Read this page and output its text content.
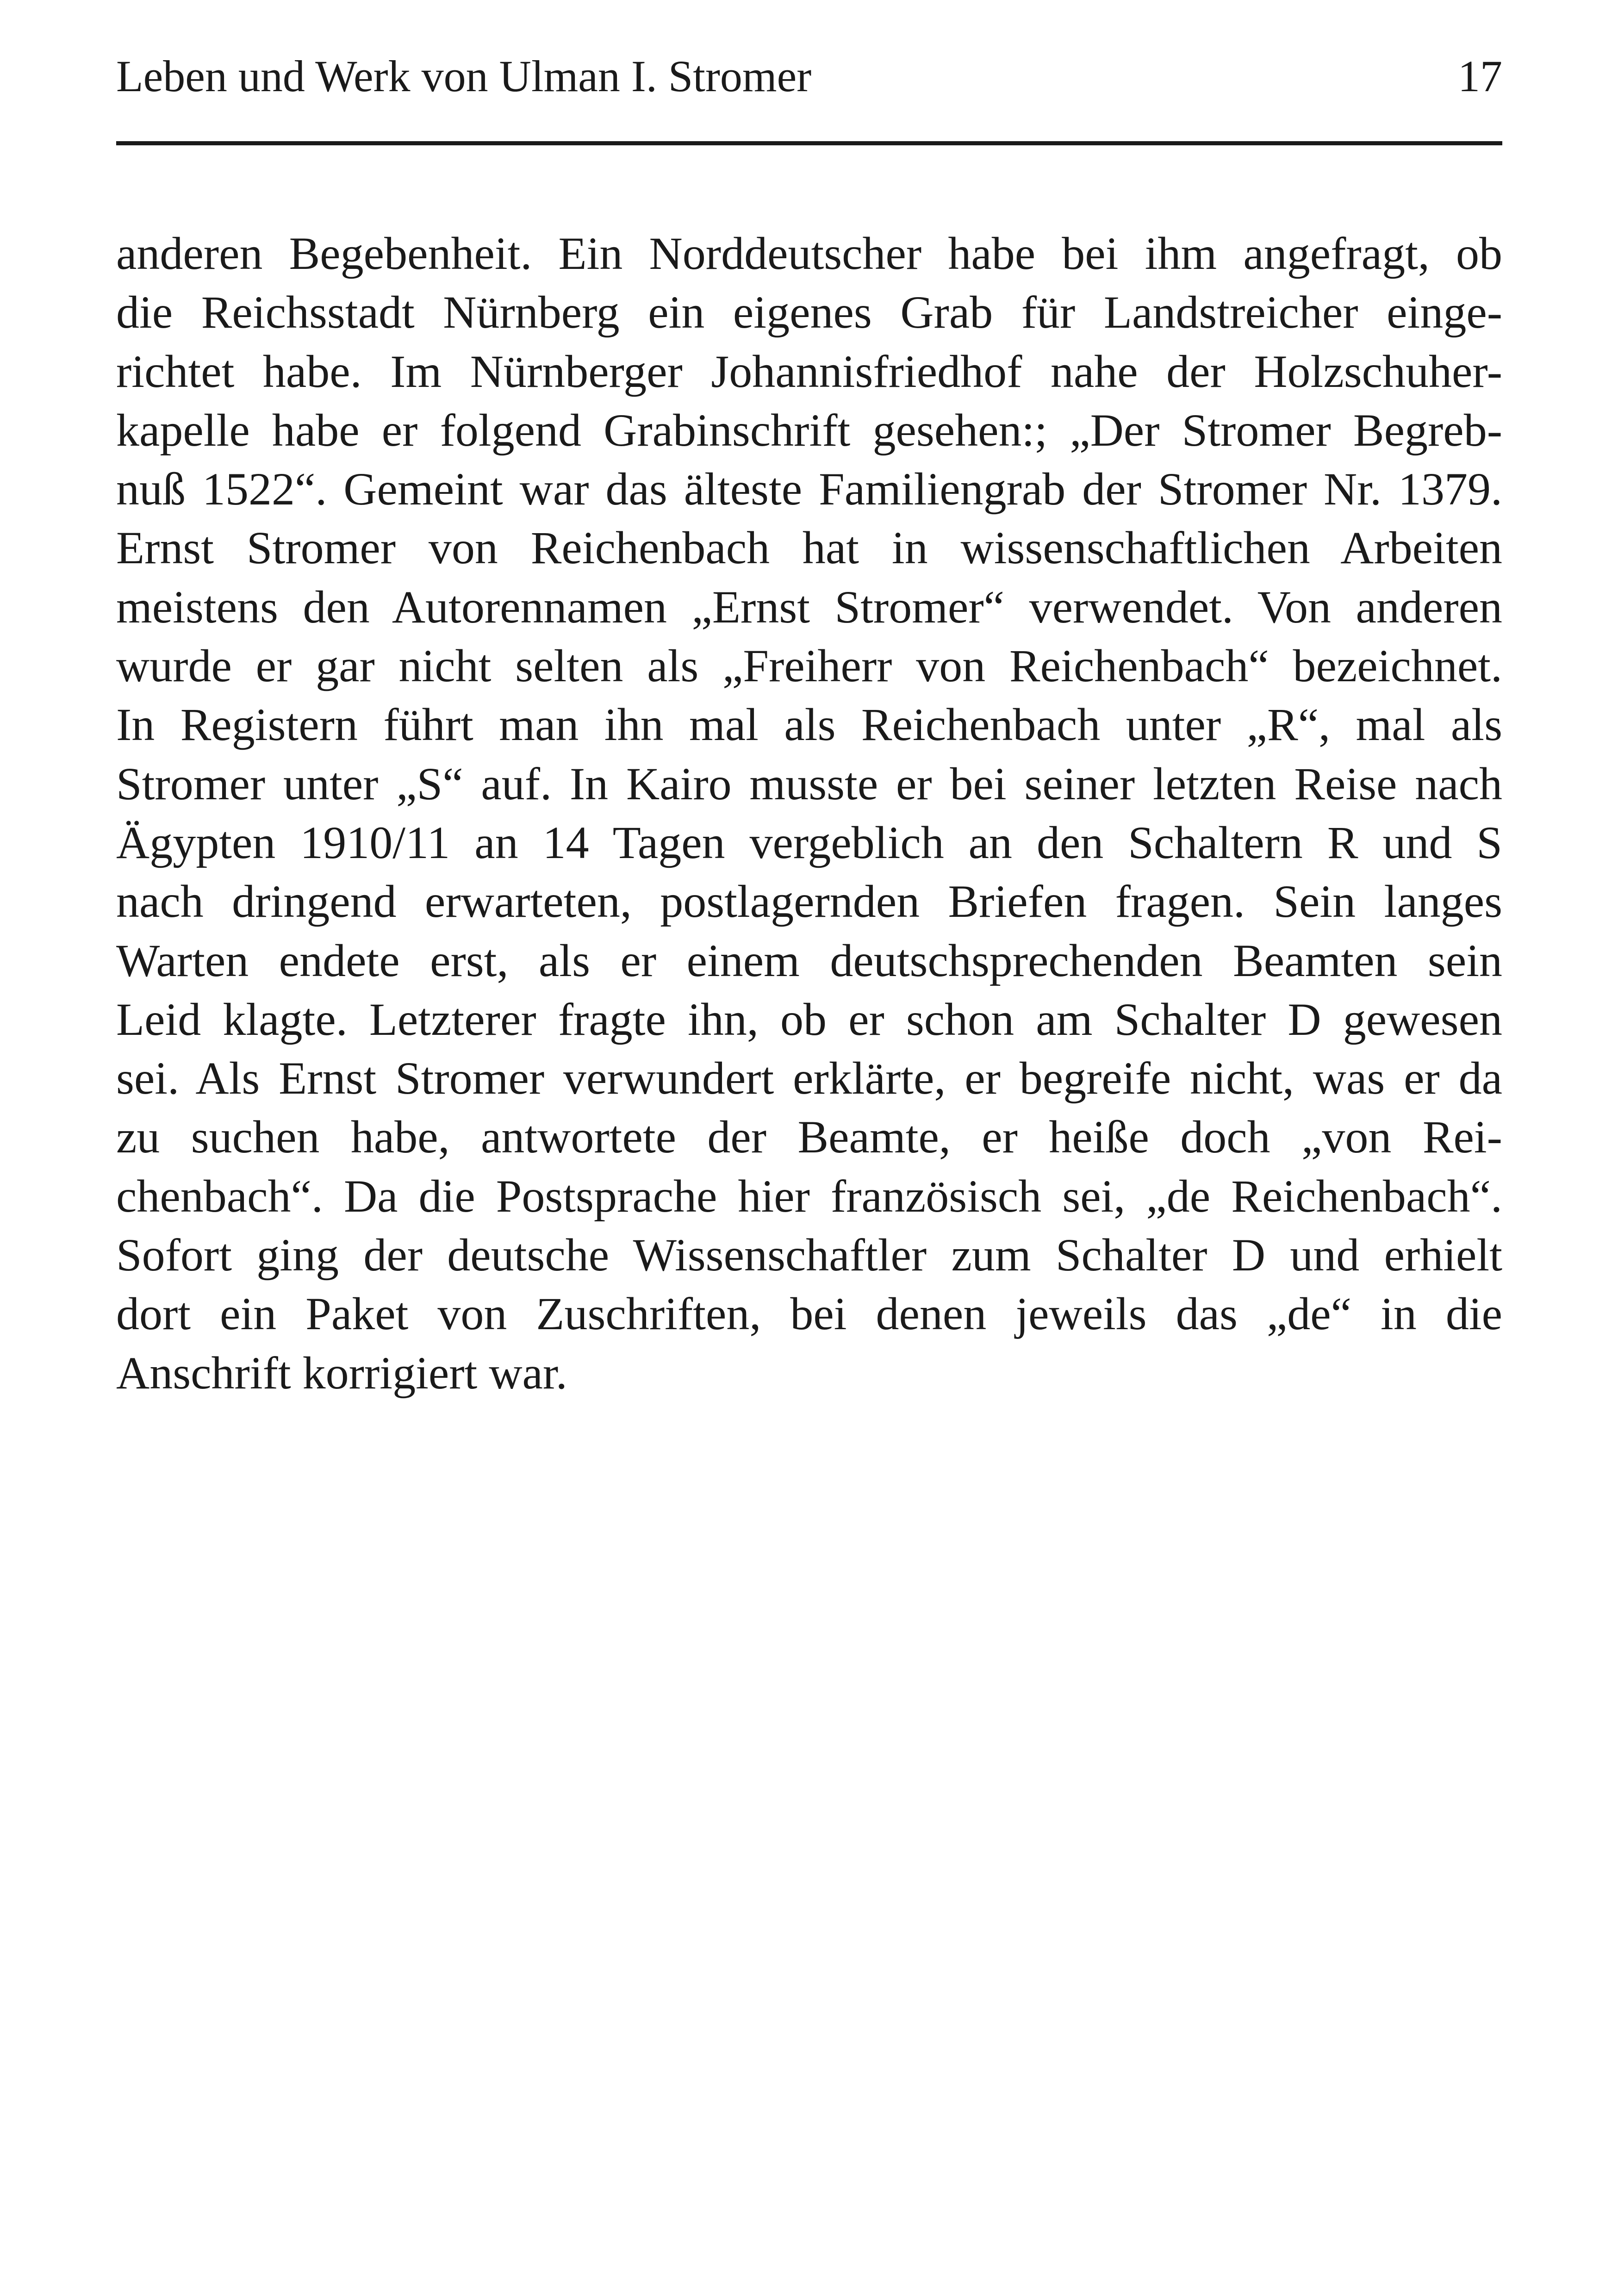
Leben und Werk von Ulman I. Stromer	17
anderen Begebenheit. Ein Norddeutscher habe bei ihm angefragt, ob
die Reichsstadt Nürnberg ein eigenes Grab für Landstreicher einge-
richtet habe. Im Nürnberger Johannisfriedhof nahe der Holzschuher-
kapelle habe er folgend Grabinschrift gesehen:; „Der Stromer Begreb-
nuß 1522“. Gemeint war das älteste Familiengrab der Stromer Nr. 1379.
Ernst Stromer von Reichenbach hat in wissenschaftlichen Arbeiten
meistens den Autorennamen „Ernst Stromer“ verwendet. Von anderen
wurde er gar nicht selten als „Freiherr von Reichenbach“ bezeichnet.
In Registern führt man ihn mal als Reichenbach unter „R“, mal als
Stromer unter „S“ auf. In Kairo musste er bei seiner letzten Reise nach
Ägypten 1910/11 an 14 Tagen vergeblich an den Schaltern R und S
nach dringend erwarteten, postlagernden Briefen fragen. Sein langes
Warten endete erst, als er einem deutschsprechenden Beamten sein
Leid klagte. Letzterer fragte ihn, ob er schon am Schalter D gewesen
sei. Als Ernst Stromer verwundert erklärte, er begreife nicht, was er da
zu suchen habe, antwortete der Beamte, er heiße doch „von Rei-
chenbach“. Da die Postsprache hier französisch sei, „de Reichenbach“.
Sofort ging der deutsche Wissenschaftler zum Schalter D und erhielt
dort ein Paket von Zuschriften, bei denen jeweils das „de“ in die
Anschrift korrigiert war.
